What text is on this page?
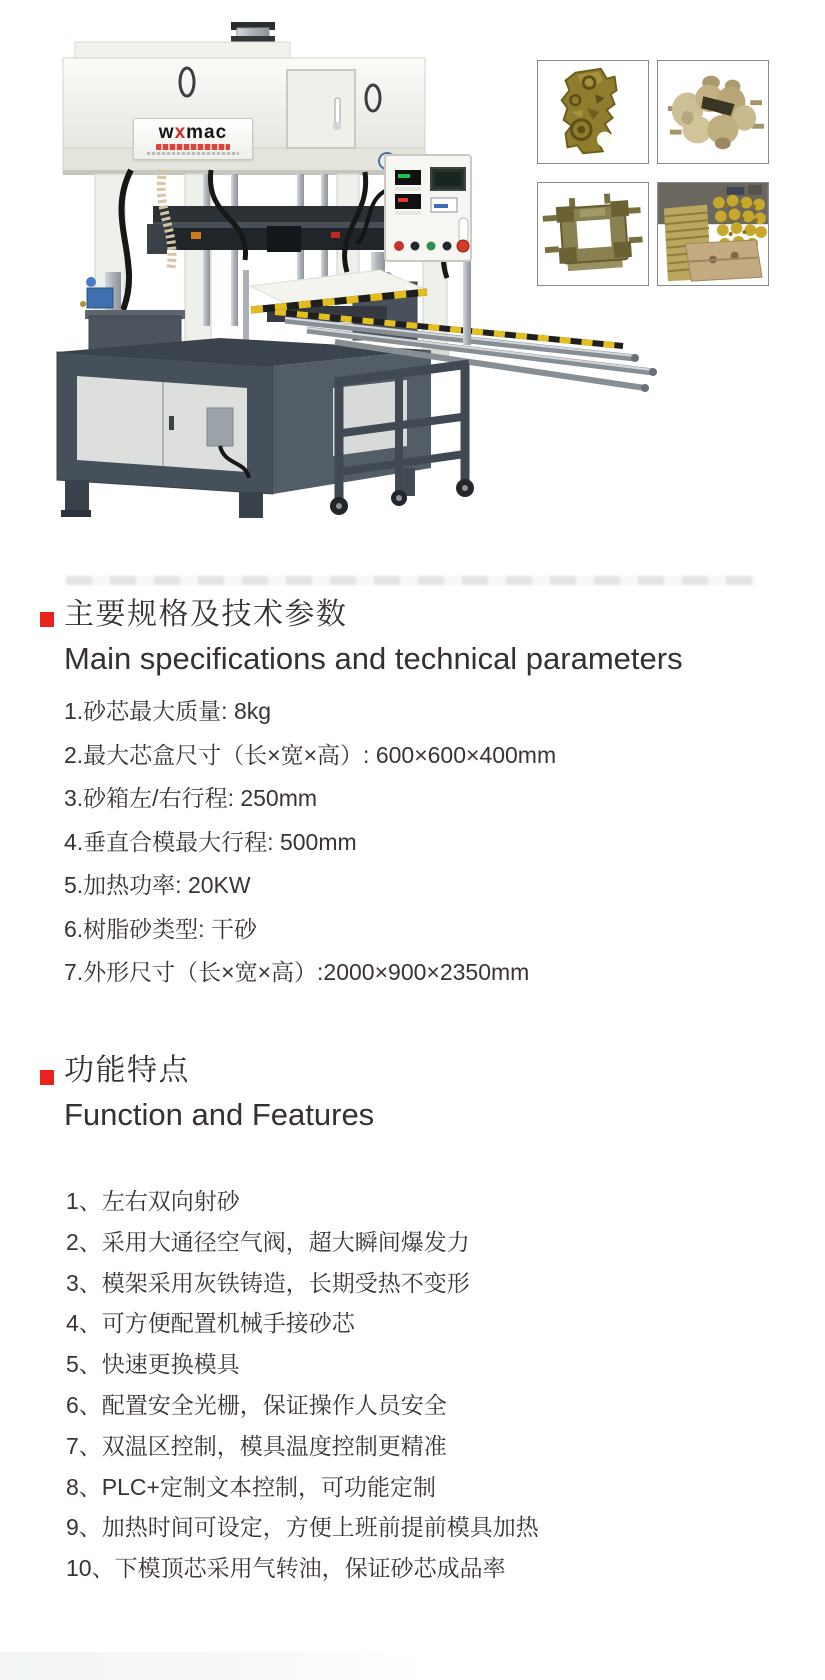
wxmac
主要规格及技术参数
Main specifications and technical parameters
1.砂芯最大质量: 8kg
2.最大芯盒尺寸（长×宽×高）: 600×600×400mm
3.砂箱左/右行程: 250mm
4.垂直合模最大行程: 500mm
5.加热功率: 20KW
6.树脂砂类型: 干砂
7.外形尺寸（长×宽×高）:2000×900×2350mm
功能特点
Function and Features
1、左右双向射砂
2、采用大通径空气阀，超大瞬间爆发力
3、模架采用灰铁铸造，长期受热不变形
4、可方便配置机械手接砂芯
5、快速更换模具
6、配置安全光栅，保证操作人员安全
7、双温区控制，模具温度控制更精准
8、PLC+定制文本控制，可功能定制
9、加热时间可设定，方便上班前提前模具加热
10、下模顶芯采用气转油，保证砂芯成品率
